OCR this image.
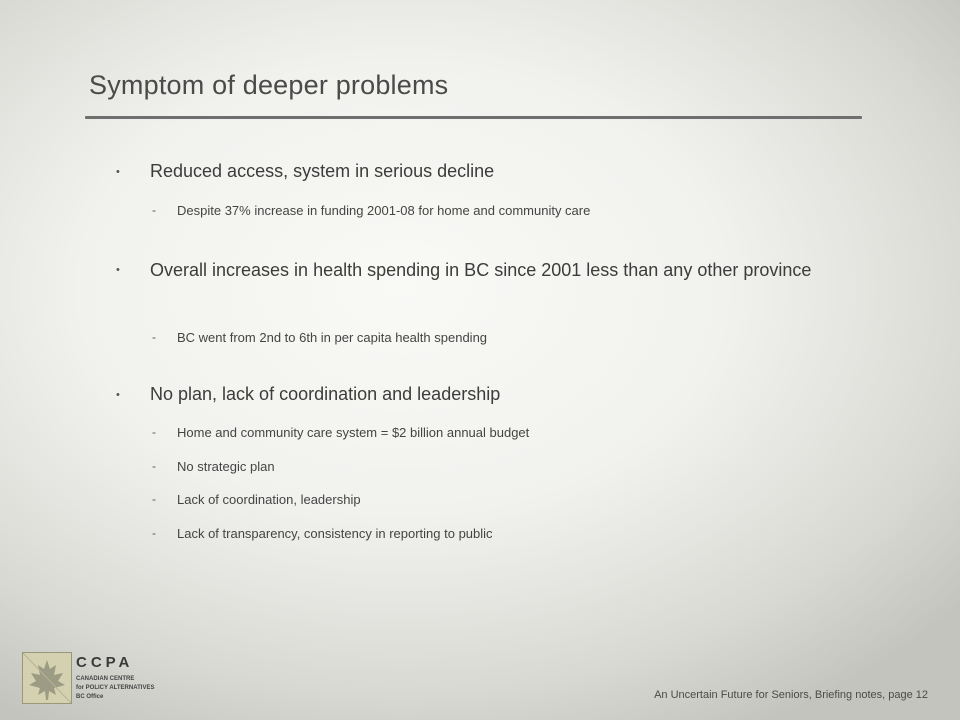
Symptom of deeper problems
• Reduced access, system in serious decline
- Despite 37% increase in funding 2001-08 for home and community care
• Overall increases in health spending in BC since 2001 less than any other province
- BC went from 2nd to 6th in per capita health spending
• No plan, lack of coordination and leadership
- Home and community care system = $2 billion annual budget
- No strategic plan
- Lack of coordination, leadership
- Lack of transparency, consistency in reporting to public
CCPA
CANADIAN CENTRE
for POLICY ALTERNATIVES
BC Office	An Uncertain Future for Seniors, Briefing notes, page 12
